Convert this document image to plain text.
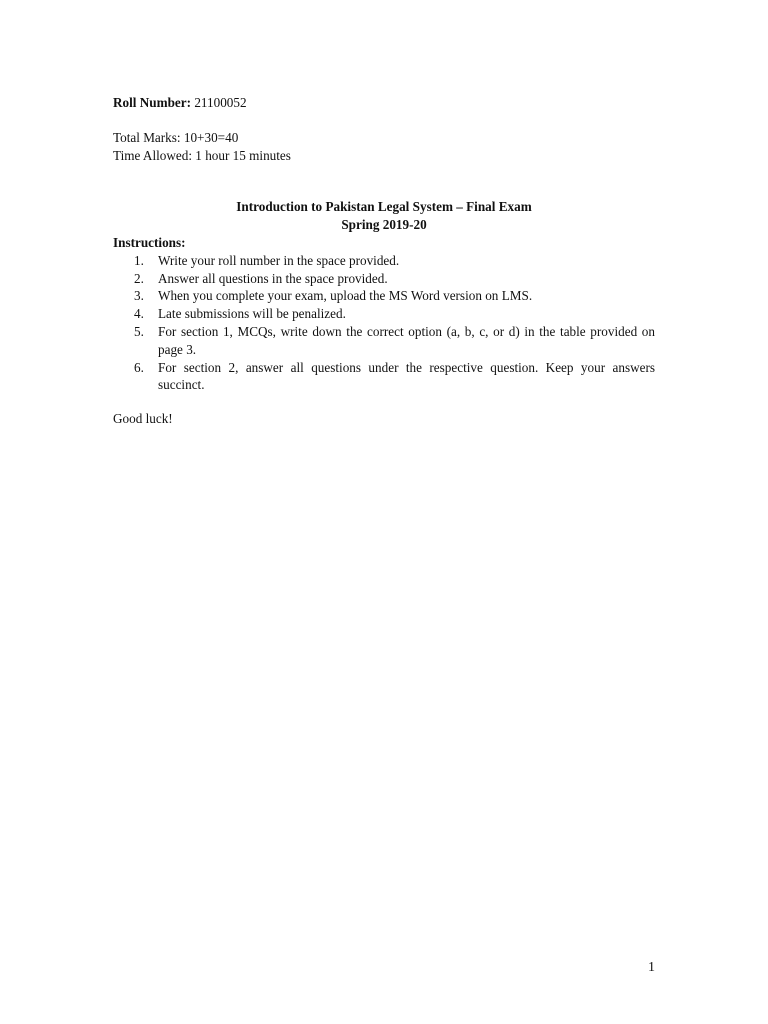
Roll Number: 21100052

Total Marks: 10+30=40

Time Allowed: 1 hour 15 minutes

Introduction to Pakistan Legal System – Final Exam

Spring 2019-20

Instructions:

1. Write your roll number in the space provided.
2. Answer all questions in the space provided.
3. When you complete your exam, upload the MS Word version on LMS.
4. Late submissions will be penalized.
5. For section 1, MCQs, write down the correct option (a, b, c, or d) in the table provided on page 3.
6. For section 2, answer all questions under the respective question. Keep your answers succinct.

Good luck!

1
